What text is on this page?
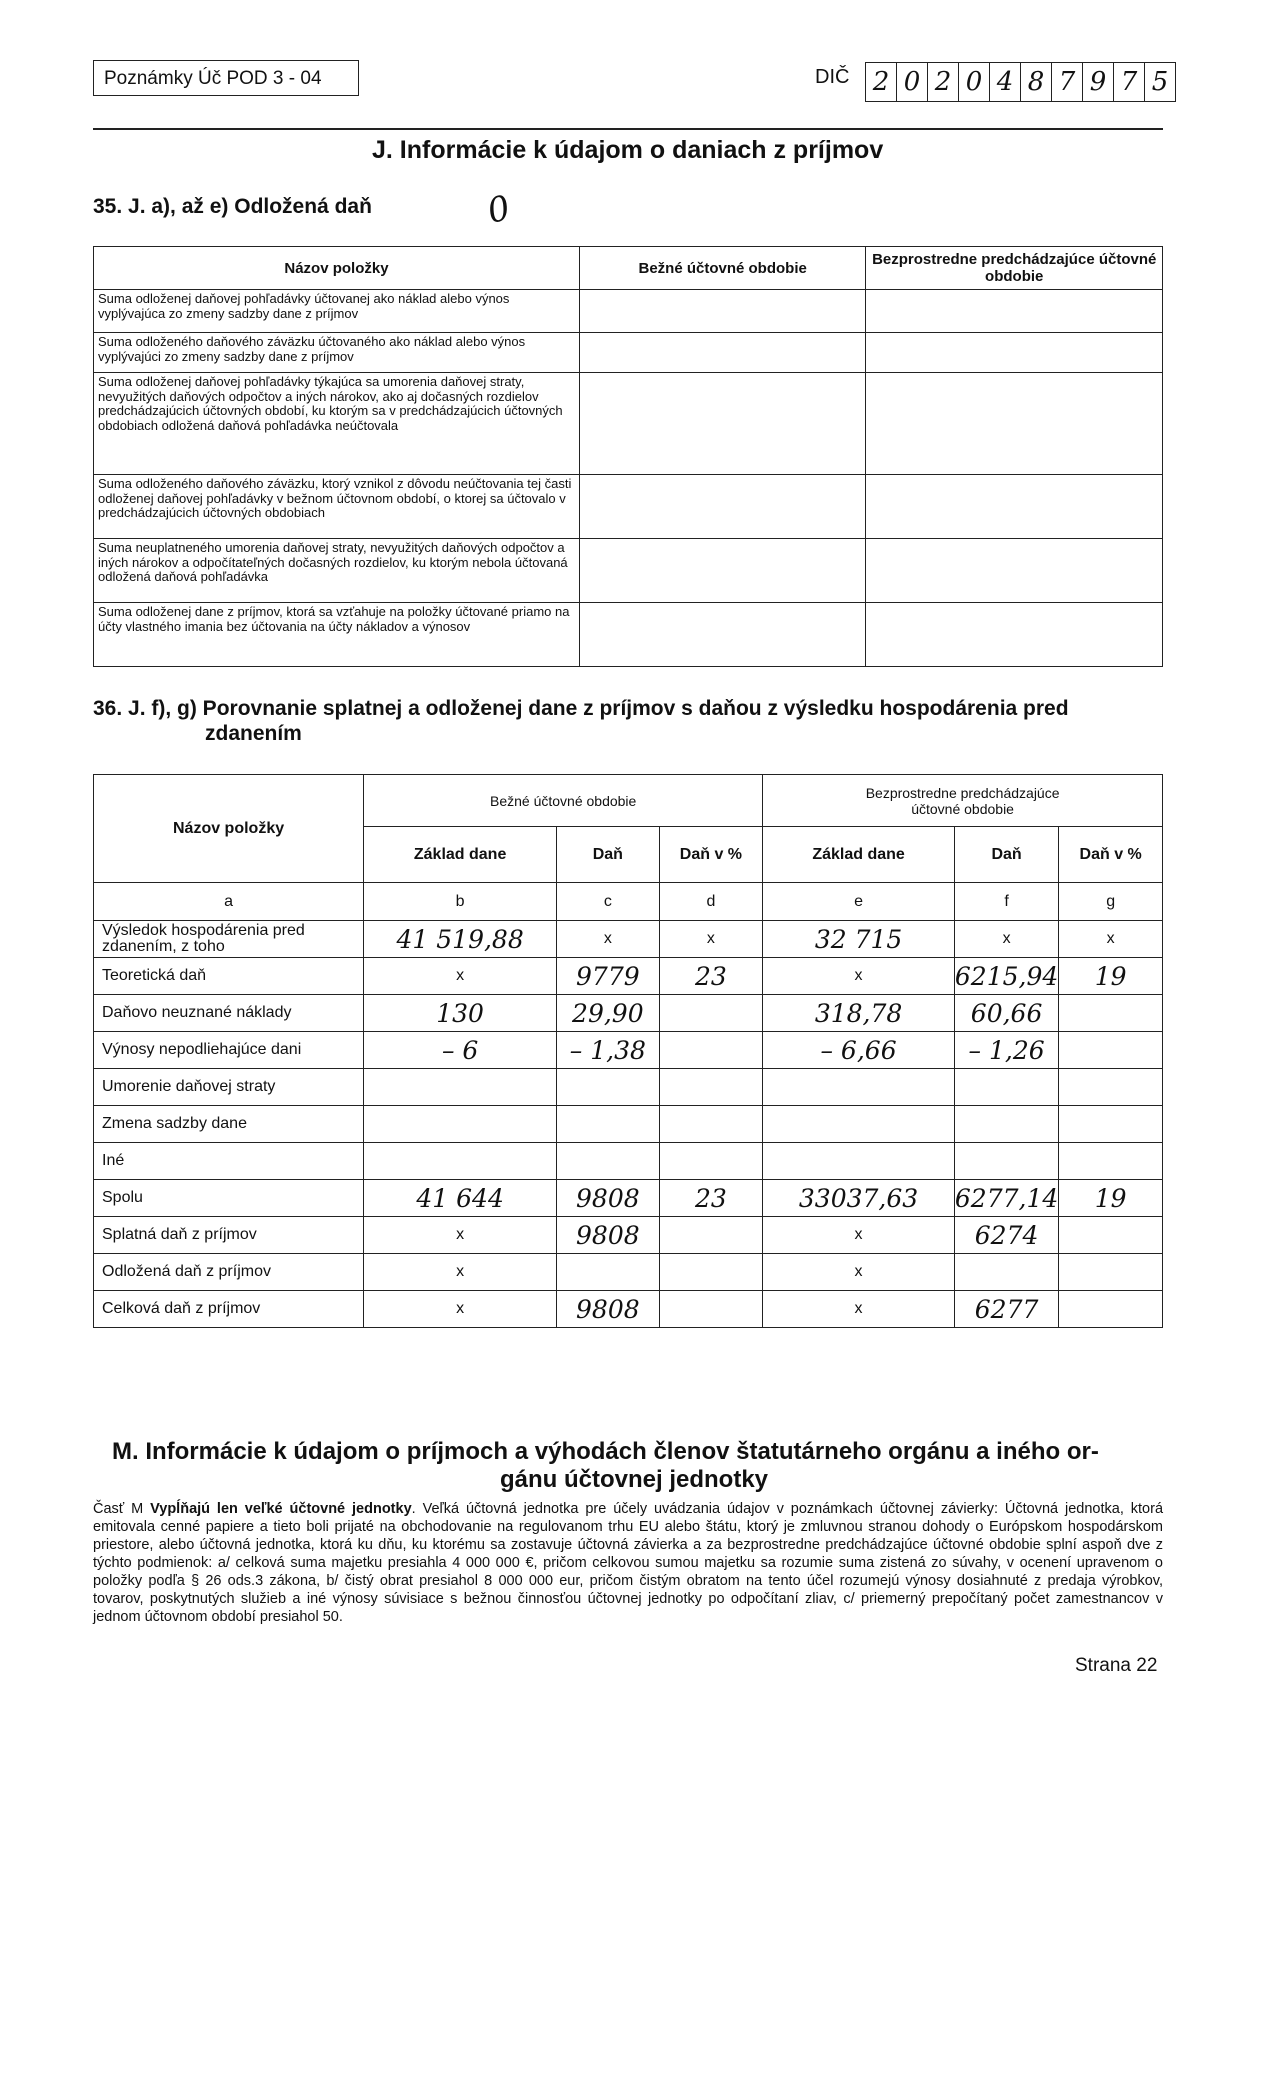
Poznámky Úč POD 3 - 04	DIČ 2 0 2 0 4 8 7 9 7 5
J. Informácie k údajom o daniach z príjmov
35. J. a), až e) Odložená daň	0
Názov položky	Bežné účtovné obdobie	Bezprostredne predchádzajúce účtovné obdobie
Suma odloženej daňovej pohľadávky účtovanej ako náklad alebo výnos vyplývajúca zo zmeny sadzby dane z príjmov		
Suma odloženého daňového záväzku účtovaného ako náklad alebo výnos vyplývajúci zo zmeny sadzby dane z príjmov		
Suma odloženej daňovej pohľadávky týkajúca sa umorenia daňovej straty, nevyužitých daňových odpočtov a iných nárokov, ako aj dočasných rozdielov predchádzajúcich účtovných období, ku ktorým sa v predchádzajúcich účtovných obdobiach odložená daňová pohľadávka neúčtovala		
Suma odloženého daňového záväzku, ktorý vznikol z dôvodu neúčtovania tej časti odloženej daňovej pohľadávky v bežnom účtovnom období, o ktorej sa účtovalo v predchádzajúcich účtovných obdobiach		
Suma neuplatneného umorenia daňovej straty, nevyužitých daňových odpočtov a iných nárokov a odpočítateľných dočasných rozdielov, ku ktorým nebola účtovaná odložená daňová pohľadávka		
Suma odloženej dane z príjmov, ktorá sa vzťahuje na položky účtované priamo na účty vlastného imania bez účtovania na účty nákladov a výnosov		
36. J. f), g) Porovnanie splatnej a odloženej dane z príjmov s daňou z výsledku hospodárenia pred
zdanením
Názov položky	Bežné účtovné obdobie			Bezprostredne predchádzajúce účtovné obdobie		
	Základ dane	Daň	Daň v %	Základ dane	Daň	Daň v %
a	b	c	d	e	f	g
Výsledok hospodárenia pred zdanením, z toho	41 519,88	x	x	32 715	x	x
Teoretická daň	x	9779	23	x	6215,94	19
Daňovo neuznané náklady	130	29,90		318,78	60,66	
Výnosy nepodliehajúce dani	– 6	– 1,38		– 6,66	– 1,26	
Umorenie daňovej straty						
Zmena sadzby dane						
Iné						
Spolu	41 644	9808	23	33037,63	6277,14	19
Splatná daň z príjmov	x	9808		x	6274	
Odložená daň z príjmov	x			x		
Celková daň z príjmov	x	9808		x	6277	
M. Informácie k údajom o príjmoch a výhodách členov štatutárneho orgánu a iného or-
gánu účtovnej jednotky
Časť M Vypĺňajú len veľké účtovné jednotky. Veľká účtovná jednotka pre účely uvádzania údajov v poznámkach účtovnej závierky: Účtovná jednotka, ktorá emitovala cenné papiere a tieto boli prijaté na obchodovanie na regulovanom trhu EU alebo štátu, ktorý je zmluvnou stranou dohody o Európskom hospodárskom priestore, alebo účtovná jednotka, ktorá ku dňu, ku ktorému sa zostavuje účtovná závierka a za bezprostredne predchádzajúce účtovné obdobie splní aspoň dve z týchto podmienok: a/ celková suma majetku presiahla 4 000 000 €, pričom celkovou sumou majetku sa rozumie suma zistená zo súvahy, v ocenení upravenom o položky podľa § 26 ods.3 zákona, b/ čistý obrat presiahol 8 000 000 eur, pričom čistým obratom na tento účel rozumejú výnosy dosiahnuté z predaja výrobkov, tovarov, poskytnutých služieb a iné výnosy súvisiace s bežnou činnosťou účtovnej jednotky po odpočítaní zliav, c/ priemerný prepočítaný počet zamestnancov v jednom účtovnom období presiahol 50.
Strana 22
